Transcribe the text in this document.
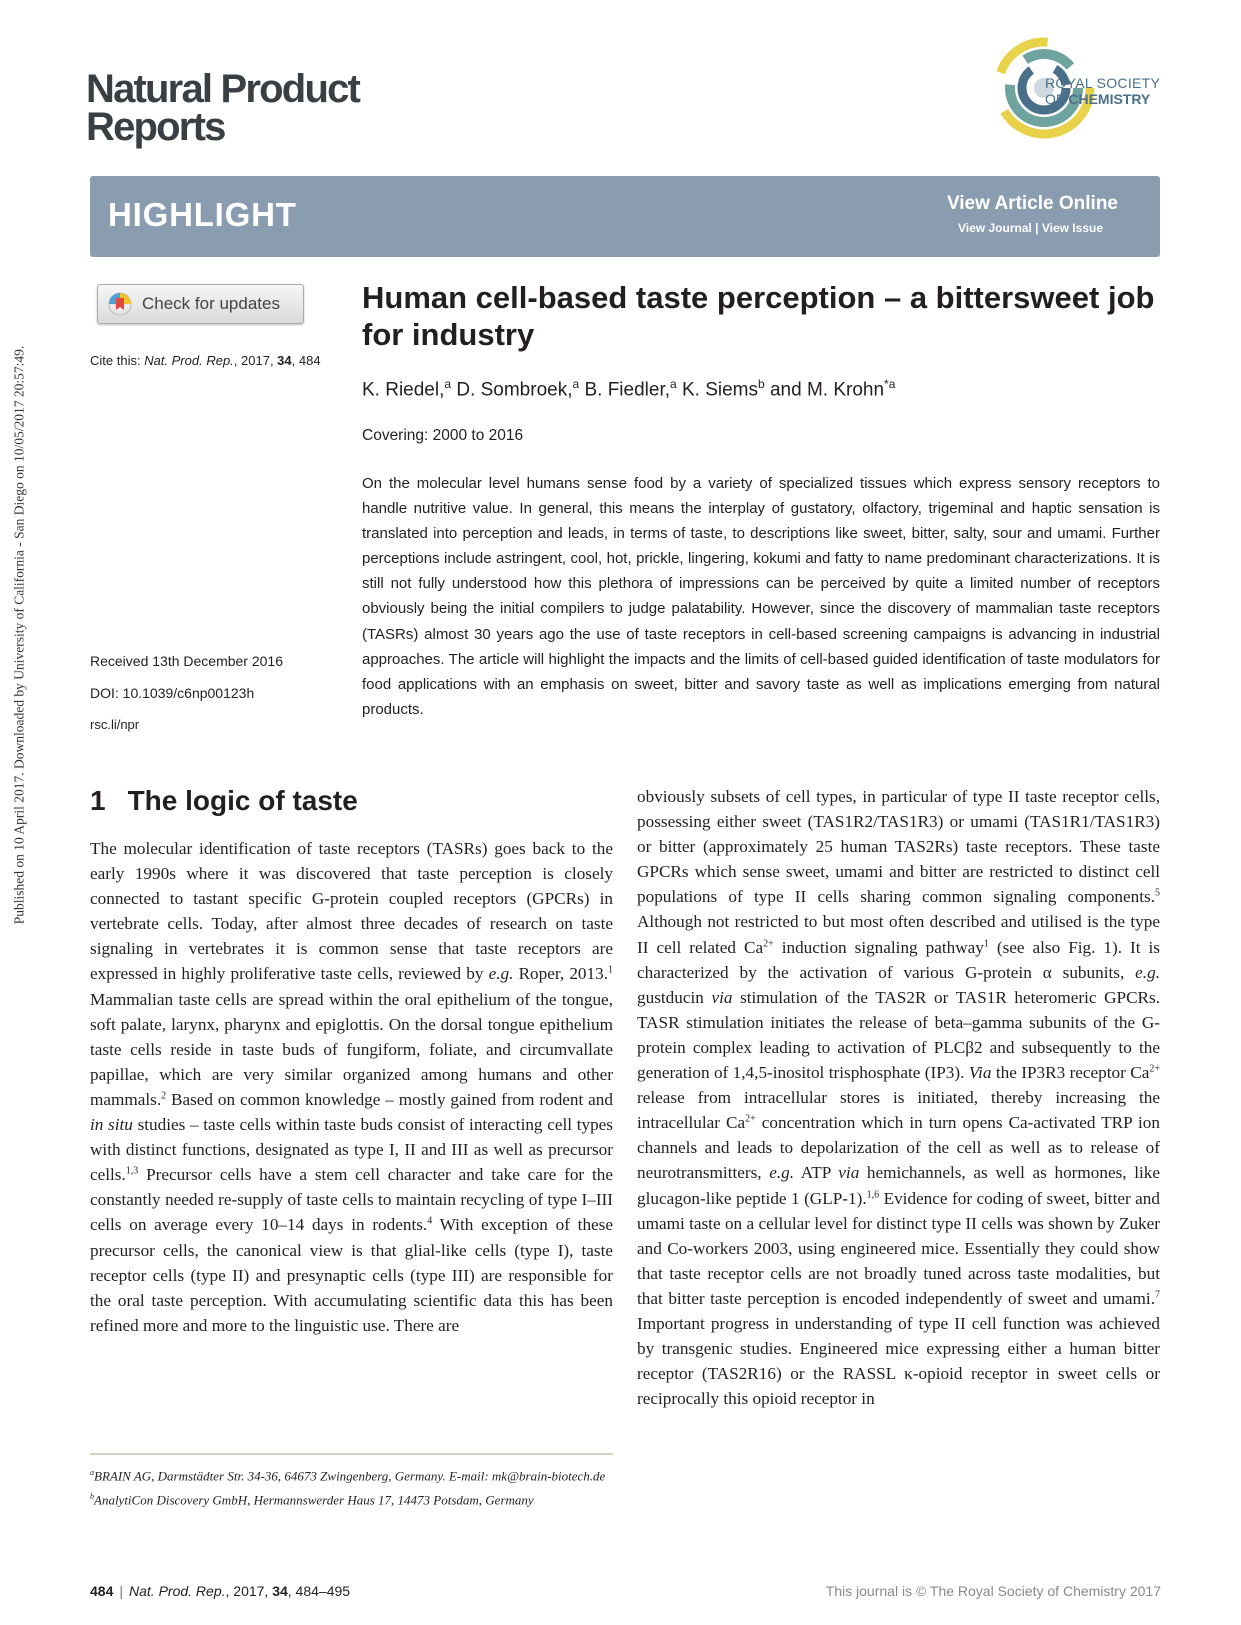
Published on 10 April 2017. Downloaded by University of California - San Diego on 10/05/2017 20:57:49.
Natural Product
Reports
ROYAL SOCIETY
OF CHEMISTRY
HIGHLIGHT	View Article Online
View Journal | View Issue
Check for updates
Cite this: Nat. Prod. Rep., 2017, 34, 484
Received 13th December 2016
DOI: 10.1039/c6np00123h
rsc.li/npr
Human cell-based taste perception – a bittersweet job for industry
K. Riedel,$^a$ D. Sombroek,$^a$ B. Fiedler,$^a$ K. Siems$^b$ and M. Krohn$^{*a}$
Covering: 2000 to 2016

On the molecular level humans sense food by a variety of specialized tissues which express sensory receptors to handle nutritive value. In general, this means the interplay of gustatory, olfactory, trigeminal and haptic sensation is translated into perception and leads, in terms of taste, to descriptions like sweet, bitter, salty, sour and umami. Further perceptions include astringent, cool, hot, prickle, lingering, kokumi and fatty to name predominant characterizations. It is still not fully understood how this plethora of impressions can be perceived by quite a limited number of receptors obviously being the initial compilers to judge palatability. However, since the discovery of mammalian taste receptors (TASRs) almost 30 years ago the use of taste receptors in cell-based screening campaigns is advancing in industrial approaches. The article will highlight the impacts and the limits of cell-based guided identification of taste modulators for food applications with an emphasis on sweet, bitter and savory taste as well as implications emerging from natural products.

1 The logic of taste

The molecular identification of taste receptors (TASRs) goes back to the early 1990s where it was discovered that taste perception is closely connected to tastant specific G-protein coupled receptors (GPCRs) in vertebrate cells. Today, after almost three decades of research on taste signaling in vertebrates it is common sense that taste receptors are expressed in highly proliferative taste cells, reviewed by e.g. Roper, 2013.$^1$ Mammalian taste cells are spread within the oral epithelium of the tongue, soft palate, larynx, pharynx and epiglottis. On the dorsal tongue epithelium taste cells reside in taste buds of fungiform, foliate, and circumvallate papillae, which are very similar organized among humans and other mammals.$^2$ Based on common knowledge – mostly gained from rodent and in situ studies – taste cells within taste buds consist of interacting cell types with distinct functions, designated as type I, II and III as well as precursor cells.$^{1,3}$ Precursor cells have a stem cell character and take care for the constantly needed re-supply of taste cells to maintain recycling of type I–III cells on average every 10–14 days in rodents.$^4$ With exception of these precursor cells, the canonical view is that glial-like cells (type I), taste receptor cells (type II) and presynaptic cells (type III) are responsible for the oral taste perception. With accumulating scientific data this has been refined more and more to the linguistic use. There are

obviously subsets of cell types, in particular of type II taste receptor cells, possessing either sweet (TAS1R2/TAS1R3) or umami (TAS1R1/TAS1R3) or bitter (approximately 25 human TAS2Rs) taste receptors. These taste GPCRs which sense sweet, umami and bitter are restricted to distinct cell populations of type II cells sharing common signaling components.$^5$ Although not restricted to but most often described and utilised is the type II cell related $Ca^{2+}$ induction signaling pathway$^1$ (see also Fig. 1). It is characterized by the activation of various G-protein α subunits, e.g. gustducin via stimulation of the TAS2R or TAS1R heteromeric GPCRs. TASR stimulation initiates the release of beta–gamma subunits of the G-protein complex leading to activation of PLCβ2 and subsequently to the generation of 1,4,5-inositol trisphosphate (IP3). Via the IP3R3 receptor $Ca^{2+}$ release from intracellular stores is initiated, thereby increasing the intracellular $Ca^{2+}$ concentration which in turn opens Ca-activated TRP ion channels and leads to depolarization of the cell as well as to release of neurotransmitters, e.g. ATP via hemichannels, as well as hormones, like glucagon-like peptide 1 (GLP-1).$^{1,6}$ Evidence for coding of sweet, bitter and umami taste on a cellular level for distinct type II cells was shown by Zuker and Co-workers 2003, using engineered mice. Essentially they could show that taste receptor cells are not broadly tuned across taste modalities, but that bitter taste perception is encoded independently of sweet and umami.$^7$ Important progress in understanding of type II cell function was achieved by transgenic studies. Engineered mice expressing either a human bitter receptor (TAS2R16) or the RASSL κ-opioid receptor in sweet cells or reciprocally this opioid receptor in

$^a$BRAIN AG, Darmstädter Str. 34-36, 64673 Zwingenberg, Germany. E-mail: mk@brain-biotech.de
$^b$AnalytiCon Discovery GmbH, Hermannswerder Haus 17, 14473 Potsdam, Germany
484 | Nat. Prod. Rep., 2017, 34, 484–495	This journal is © The Royal Society of Chemistry 2017
